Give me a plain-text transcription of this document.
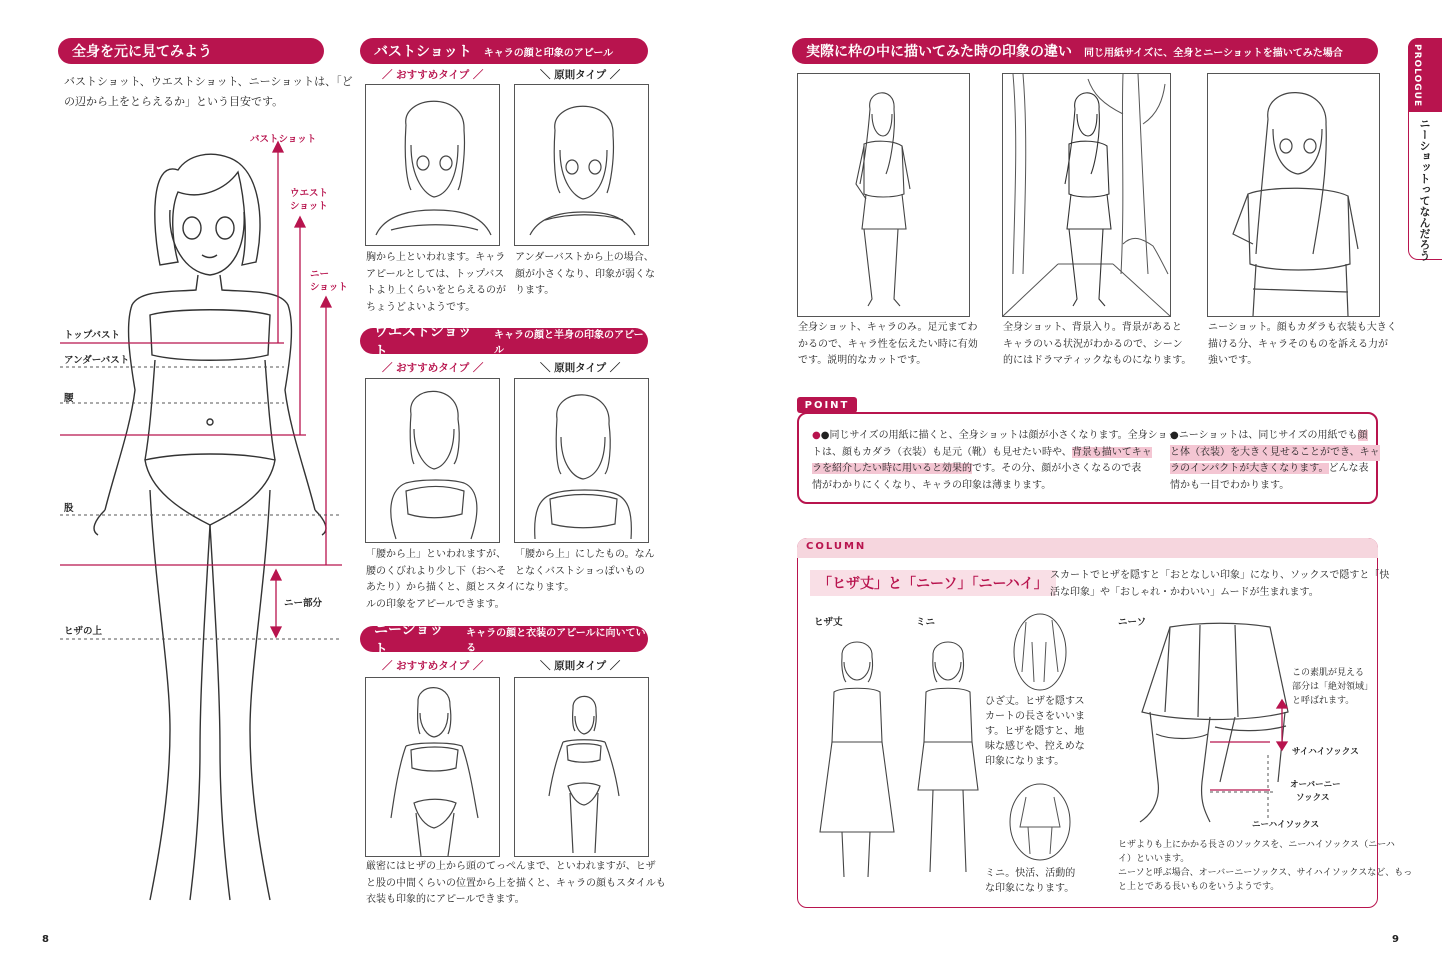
全身を元に見てみよう
バストショット、ウエストショット、ニーショットは、「ど
の辺から上をとらえるか」という目安です。
バストショット
ウエスト
ショット
ニー
ショット
トップバスト
アンダーバスト
腰
股
ヒザの上
ニー部分
8
バストショット キャラの顔と印象のアピール
／ おすすめタイプ ／	＼ 原則タイプ ／
胸から上といわれます。キャラ
アピールとしては、トップバス
トより上くらいをとらえるのが
ちょうどよいようです。
アンダーバストから上の場合、
顔が小さくなり、印象が弱くな
ります。
ウエストショット
キャラの顔と半身の印象のアピール
／ おすすめタイプ ／	＼ 原則タイプ ／
「腰から上」といわれますが、
腰のくびれより少し下（おへそ
あたり）から描くと、顔とスタイ
ルの印象をアピールできます。
「腰から上」にしたもの。なん
となくバストショっぽいもの
になります。
ニーショット
キャラの顔と衣装のアピールに向いている
／ おすすめタイプ ／	＼ 原則タイプ ／
厳密にはヒザの上から頭のてっぺんまで、といわれますが、ヒザ
と股の中間くらいの位置から上を描くと、キャラの顔もスタイルも
衣装も印象的にアピールできます。
実際に枠の中に描いてみた時の印象の違い 同じ用紙サイズに、全身とニーショットを描いてみた場合
全身ショット、キャラのみ。足元まてわ
かるので、キャラ性を伝えたい時に有効
です。説明的なカットです。
全身ショット、背景入り。背景があると
キャラのいる状況がわかるので、シーン
的にはドラマティックなものになります。
ニーショット。顔もカダラも衣装も大きく
描ける分、キャラそのものを訴える力が
強いです。
POINT
●●同じサイズの用紙に描くと、全身ショットは顔が小さくなります。全身ショッ
トは、顔もカダラ（衣装）も足元（靴）も見せたい時や、背景も描いてキャ
ラを紹介したい時に用いると効果的です。その分、顔が小さくなるので表
情がわかりにくくなり、キャラの印象は薄まります。
●ニーショットは、同じサイズの用紙でも顔
と体（衣装）を大きく見せることができ、キャ
ラのインパクトが大きくなります。どんな表
情かも一目でわかります。
COLUMN
「ヒザ丈」と「ニーソ」「ニーハイ」
スカートでヒザを隠すと「おとなしい印象」になり、ソックスで隠すと「快
活な印象」や「おしゃれ・かわいい」ムードが生まれます。
ヒザ丈	ミニ	ニーソ
ひざ丈。ヒザを隠すス
カートの長さをいいま
す。ヒザを隠すと、地
味な感じや、控えめな
印象になります。
ミニ。快活、活動的
な印象になります。
この素肌が見える
部分は「絶対領域」
と呼ばれます。
サイハイソックス
オーバーニー
ソックス
ニーハイソックス
ヒザよりも上にかかる長さのソックスを、ニーハイソックス（ニーハ
イ）といいます。
ニーソと呼ぶ場合、オーバーニーソックス、サイハイソックスなど、もっ
と上とである長いものをいうようです。
PROLOGUE
ニーショットってなんだろう
9
